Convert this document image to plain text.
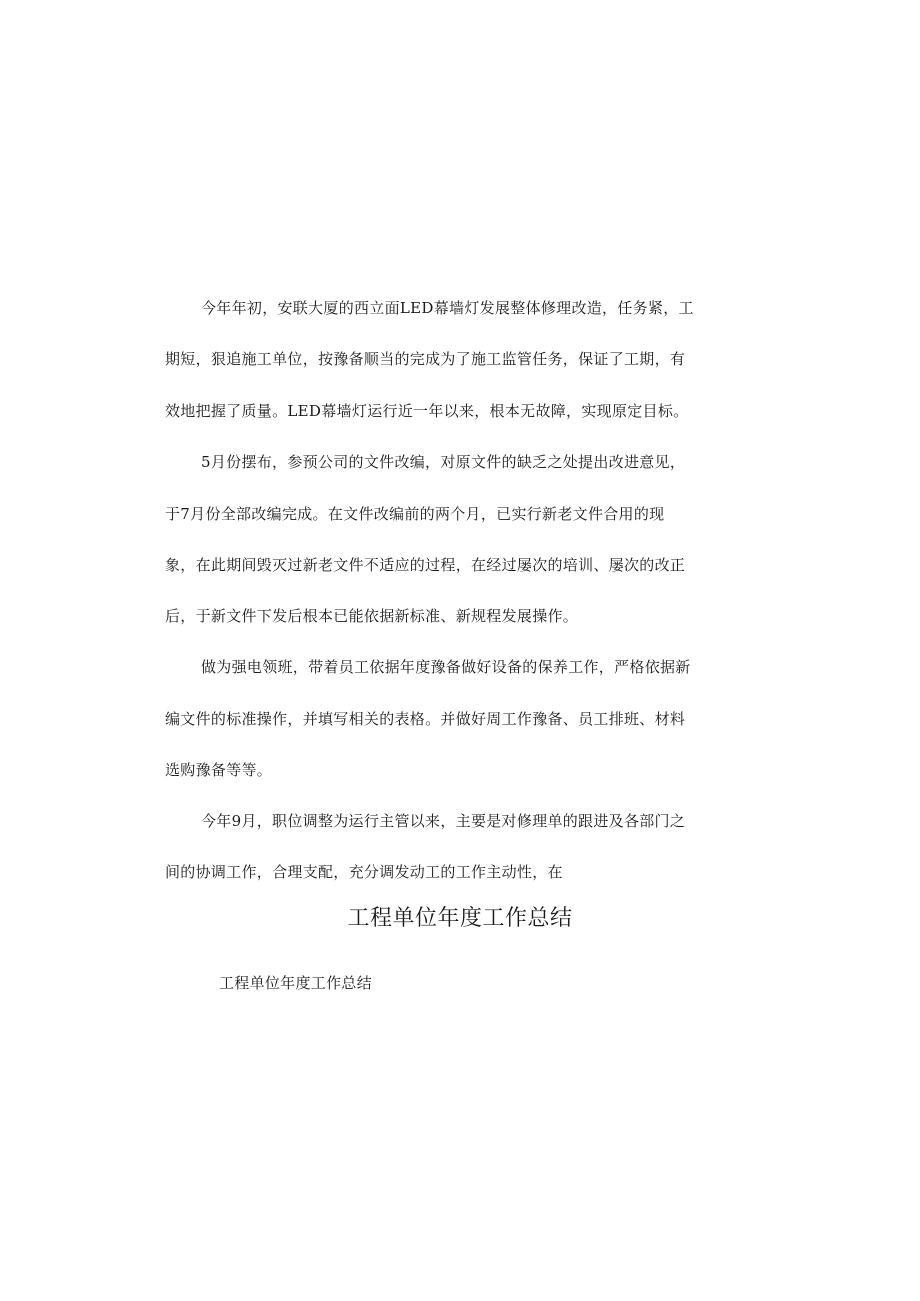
今年年初，安联大厦的西立面LED幕墙灯发展整体修理改造，任务紧，工
期短，狠追施工单位，按豫备顺当的完成为了施工监管任务，保证了工期，有
效地把握了质量。LED幕墙灯运行近一年以来，根本无故障，实现原定目标。
5月份摆布，参预公司的文件改编，对原文件的缺乏之处提出改进意见，
于7月份全部改编完成。在文件改编前的两个月，已实行新老文件合用的现
象，在此期间毁灭过新老文件不适应的过程，在经过屡次的培训、屡次的改正
后，于新文件下发后根本已能依据新标准、新规程发展操作。
做为强电领班，带着员工依据年度豫备做好设备的保养工作，严格依据新
编文件的标准操作，并填写相关的表格。并做好周工作豫备、员工排班、材料
选购豫备等等。
今年9月，职位调整为运行主管以来，主要是对修理单的跟进及各部门之
间的协调工作，合理支配，充分调发动工的工作主动性，在
工程单位年度工作总结
工程单位年度工作总结
